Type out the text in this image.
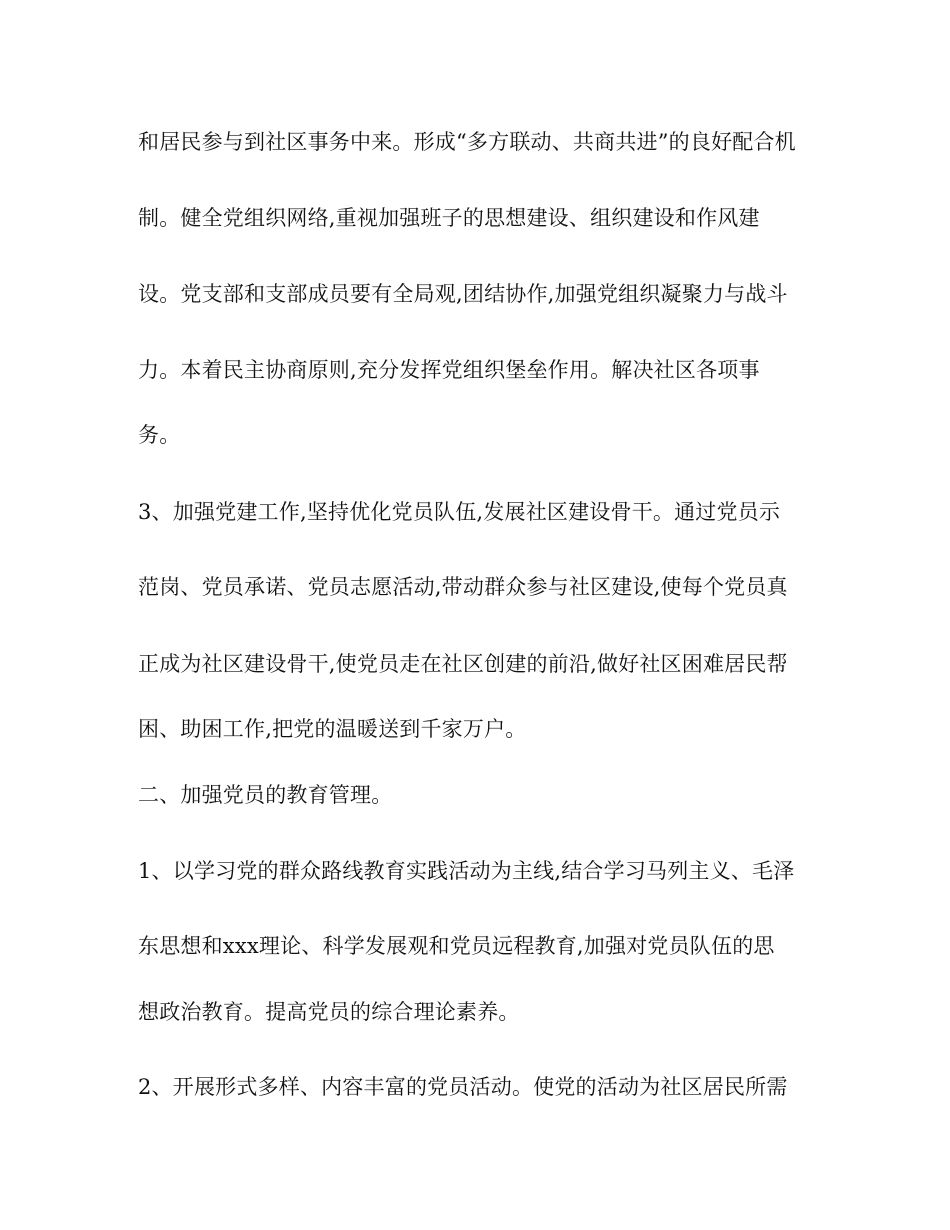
和居民参与到社区事务中来。形成“多方联动、共商共进”的良好配合机
制。健全党组织网络,重视加强班子的思想建设、组织建设和作风建
设。党支部和支部成员要有全局观,团结协作,加强党组织凝聚力与战斗
力。本着民主协商原则,充分发挥党组织堡垒作用。解决社区各项事
务。
3、加强党建工作,坚持优化党员队伍,发展社区建设骨干。通过党员示
范岗、党员承诺、党员志愿活动,带动群众参与社区建设,使每个党员真
正成为社区建设骨干,使党员走在社区创建的前沿,做好社区困难居民帮
困、助困工作,把党的温暖送到千家万户。
二、加强党员的教育管理。
1、以学习党的群众路线教育实践活动为主线,结合学习马列主义、毛泽
东思想和xxx理论、科学发展观和党员远程教育,加强对党员队伍的思
想政治教育。提高党员的综合理论素养。
2、开展形式多样、内容丰富的党员活动。使党的活动为社区居民所需
